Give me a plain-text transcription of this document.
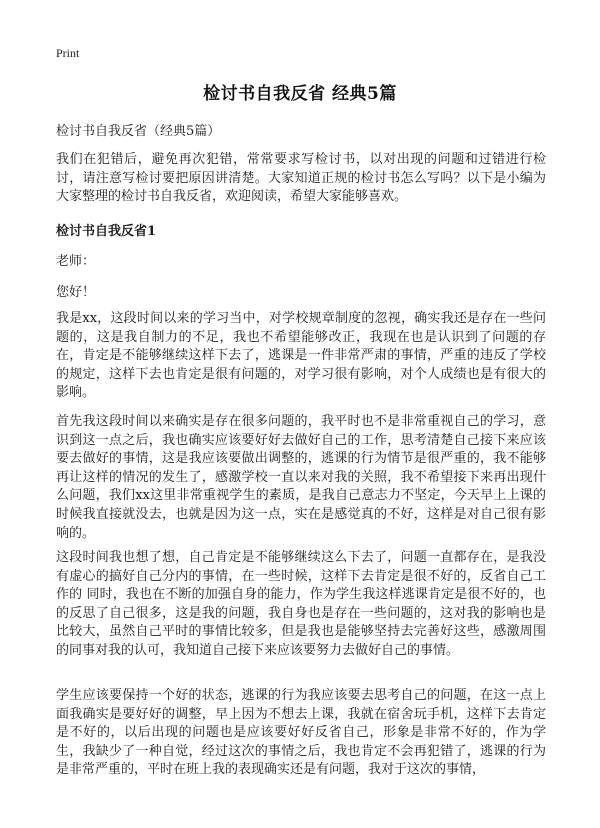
Print
检讨书自我反省 经典5篇
检讨书自我反省（经典5篇）

我们在犯错后，避免再次犯错，常常要求写检讨书，以对出现的问题和过错进行检讨，请注意写检讨要把原因讲清楚。大家知道正规的检讨书怎么写吗？以下是小编为大家整理的检讨书自我反省，欢迎阅读，希望大家能够喜欢。

检讨书自我反省1
老师：
您好！

我是xx，这段时间以来的学习当中，对学校规章制度的忽视，确实我还是存在一些问题的，这是我自制力的不足，我也不希望能够改正，我现在也是认识到了问题的存在，肯定是不能够继续这样下去了，逃课是一件非常严肃的事情，严重的违反了学校的规定，这样下去也肯定是很有问题的，对学习很有影响，对个人成绩也是有很大的影响。

首先我这段时间以来确实是存在很多问题的，我平时也不是非常重视自己的学习，意识到这一点之后，我也确实应该要好好去做好自己的工作，思考清楚自己接下来应该要去做好的事情，这是我应该要做出调整的，逃课的行为情节是很严重的，我不能够再让这样的情况的发生了，感激学校一直以来对我的关照，我不希望接下来再出现什么问题，我们xx这里非常重视学生的素质，是我自己意志力不坚定，今天早上上课的时候我直接就没去，也就是因为这一点，实在是感觉真的不好，这样是对自己很有影响的。

这段时间我也想了想，自己肯定是不能够继续这么下去了，问题一直都存在，是我没有虚心的搞好自己分内的事情，在一些时候，这样下去肯定是很不好的，反省自己工作的 同时，我也在不断的加强自身的能力，作为学生我这样逃课肯定是很不好的，也的反思了自己很多，这是我的问题，我自身也是存在一些问题的，这对我的影响也是比较大，虽然自己平时的事情比较多，但是我也是能够坚持去完善好这些，感激周围的同事对我的认可，我知道自己接下来应该要努力去做好自己的事情。

学生应该要保持一个好的状态，逃课的行为我应该要去思考自己的问题，在这一点上面我确实是要好好的调整，早上因为不想去上课，我就在宿舍玩手机，这样下去肯定是不好的，以后出现的问题也是应该要好好反省自己，形象是非常不好的，作为学生，我缺少了一种自觉，经过这次的事情之后，我也肯定不会再犯错了，逃课的行为是非常严重的，平时在班上我的表现确实还是有问题，我对于这次的事情，
